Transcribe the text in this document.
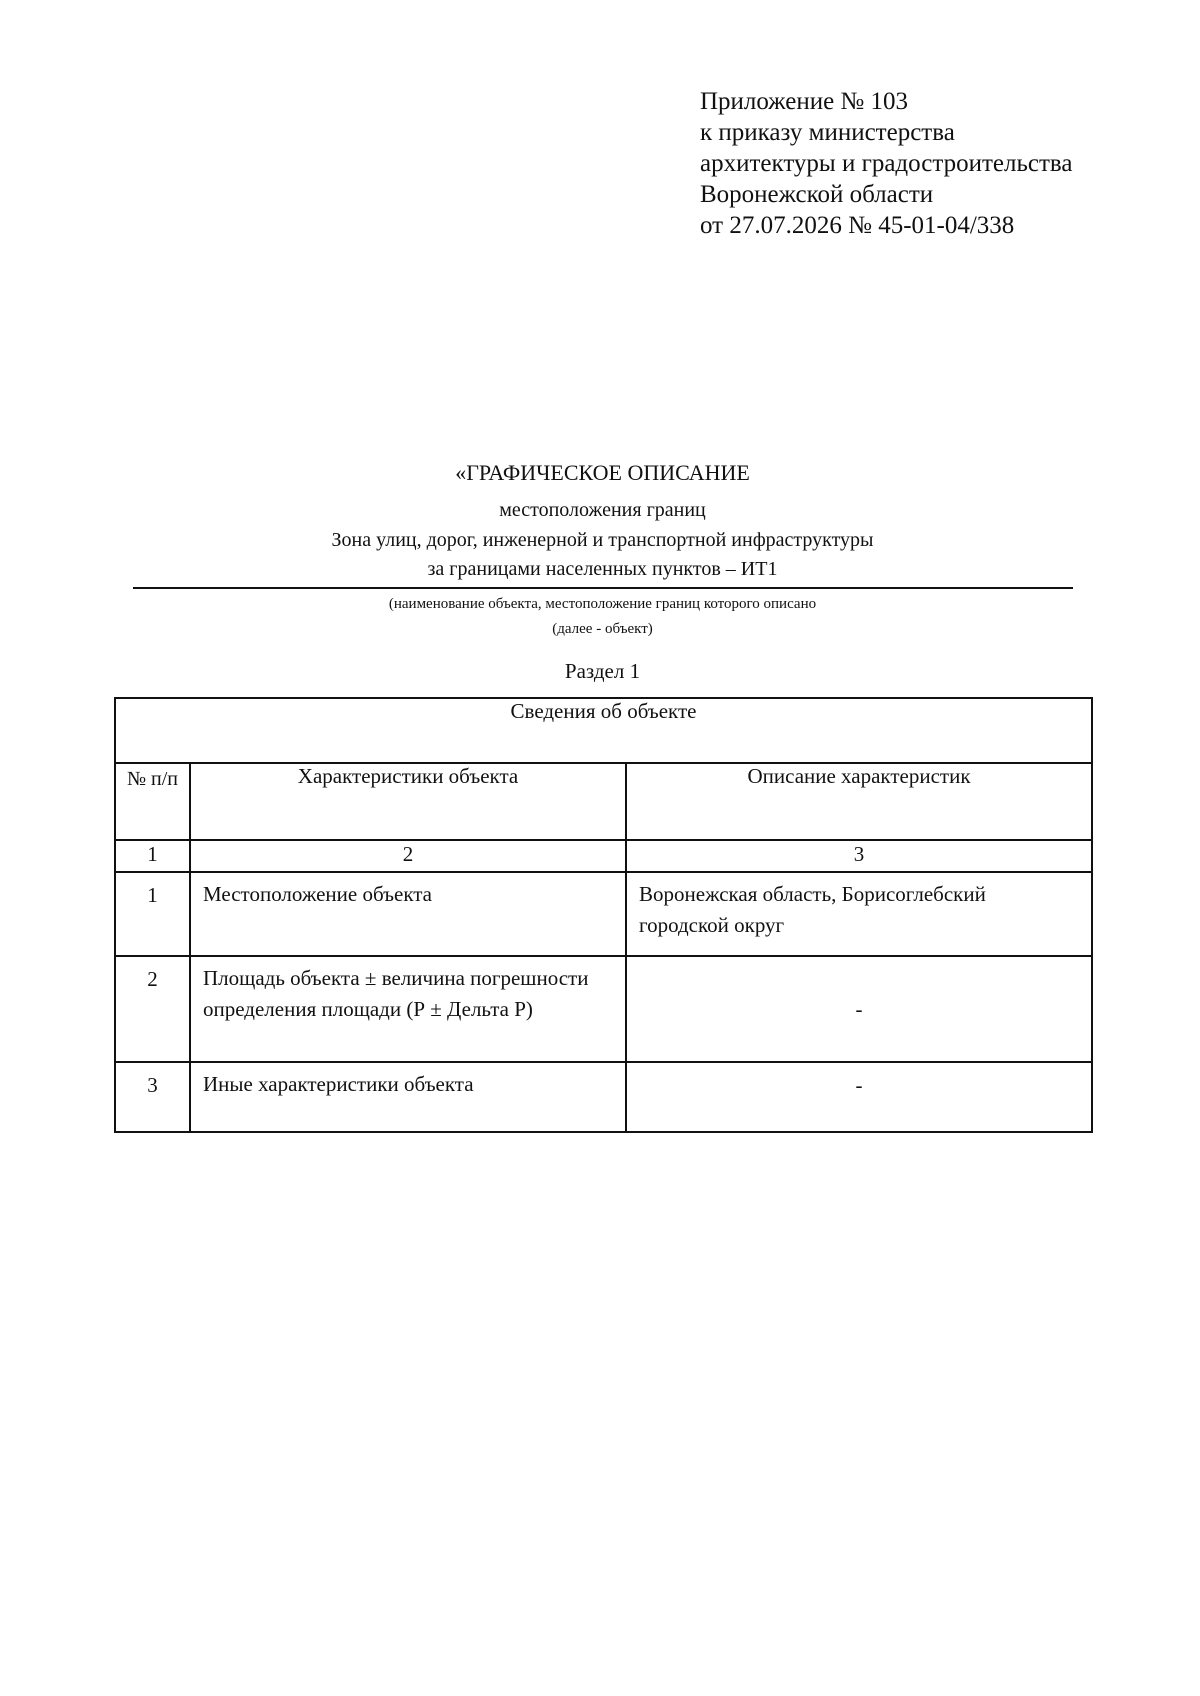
Приложение № 103
к приказу министерства
архитектуры и градостроительства
Воронежской области
от 27.07.2026 № 45-01-04/338
«ГРАФИЧЕСКОЕ ОПИСАНИЕ
местоположения границ
Зона улиц, дорог, инженерной и транспортной инфраструктуры
за границами населенных пунктов – ИТ1
(наименование объекта, местоположение границ которого описано
(далее - объект)
Раздел 1
Сведения об объекте		
№ п/п	Характеристики объекта	Описание характеристик
1	2	3
1	Местоположение объекта	Воронежская область, Борисоглебский городской округ
2	Площадь объекта ± величина погрешности определения площади (Р ± Дельта Р)	-
3	Иные характеристики объекта	-
